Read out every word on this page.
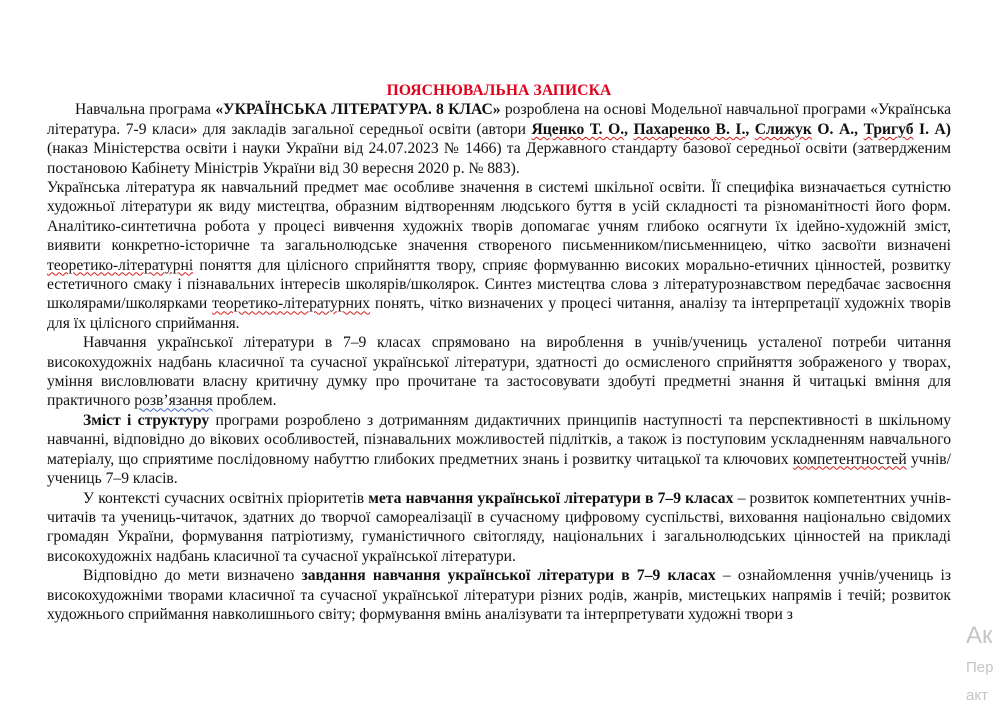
ПОЯСНЮВАЛЬНА ЗАПИСКА

Навчальна програма «УКРАЇНСЬКА ЛІТЕРАТУРА. 8 КЛАС» розроблена на основі Модельної навчальної програми «Українська література. 7-9 класи» для закладів загальної середньої освіти (автори Яценко Т. О., Пахаренко В. І., Слижук О. А., Тригуб І. А) (наказ Міністерства освіти і науки України від 24.07.2023 № 1466) та Державного стандарту базової середньої освіти (затвердженим постановою Кабінету Міністрів України від 30 вересня 2020 р. № 883).

Українська література як навчальний предмет має особливе значення в системі шкільної освіти. Її специфіка визначається сутністю художньої літератури як виду мистецтва, образним відтворенням людського буття в усій складності та різноманітності його форм. Аналітико-синтетична робота у процесі вивчення художніх творів допомагає учням глибоко осягнути їх ідейно-художній зміст, виявити конкретно-історичне та загальнолюдське значення створеного письменником/письменницею, чітко засвоїти визначені теоретико-літературні поняття для цілісного сприйняття твору, сприяє формуванню високих морально-етичних цінностей, розвитку естетичного смаку і пізнавальних інтересів школярів/школярок. Синтез мистецтва слова з літературознавством передбачає засвоєння школярами/школярками теоретико-літературних понять, чітко визначених у процесі читання, аналізу та інтерпретації художніх творів для їх цілісного сприймання.

Навчання української літератури в 7–9 класах спрямовано на вироблення в учнів/учениць усталеної потреби читання високохудожніх надбань класичної та сучасної української літератури, здатності до осмисленого сприйняття зображеного у творах, уміння висловлювати власну критичну думку про прочитане та застосовувати здобуті предметні знання й читацькі вміння для практичного розв’язання проблем.

Зміст і структуру програми розроблено з дотриманням дидактичних принципів наступності та перспективності в шкільному навчанні, відповідно до вікових особливостей, пізнавальних можливостей підлітків, а також із поступовим ускладненням навчального матеріалу, що сприятиме послідовному набуттю глибоких предметних знань і розвитку читацької та ключових компетентностей учнів/учениць 7–9 класів.

У контексті сучасних освітніх пріоритетів мета навчання української літератури в 7–9 класах – розвиток компетентних учнів-читачів та учениць-читачок, здатних до творчої самореалізації в сучасному цифровому суспільстві, виховання національно свідомих громадян України, формування патріотизму, гуманістичного світогляду, національних і загальнолюдських цінностей на прикладі високохудожніх надбань класичної та сучасної української літератури.

Відповідно до мети визначено завдання навчання української літератури в 7–9 класах – ознайомлення учнів/учениць із високохудожніми творами класичної та сучасної української літератури різних родів, жанрів, мистецьких напрямів і течій; розвиток художнього сприймання навколишнього світу; формування вмінь аналізувати та інтерпретувати художні твори з

Ак
Пер
акт
